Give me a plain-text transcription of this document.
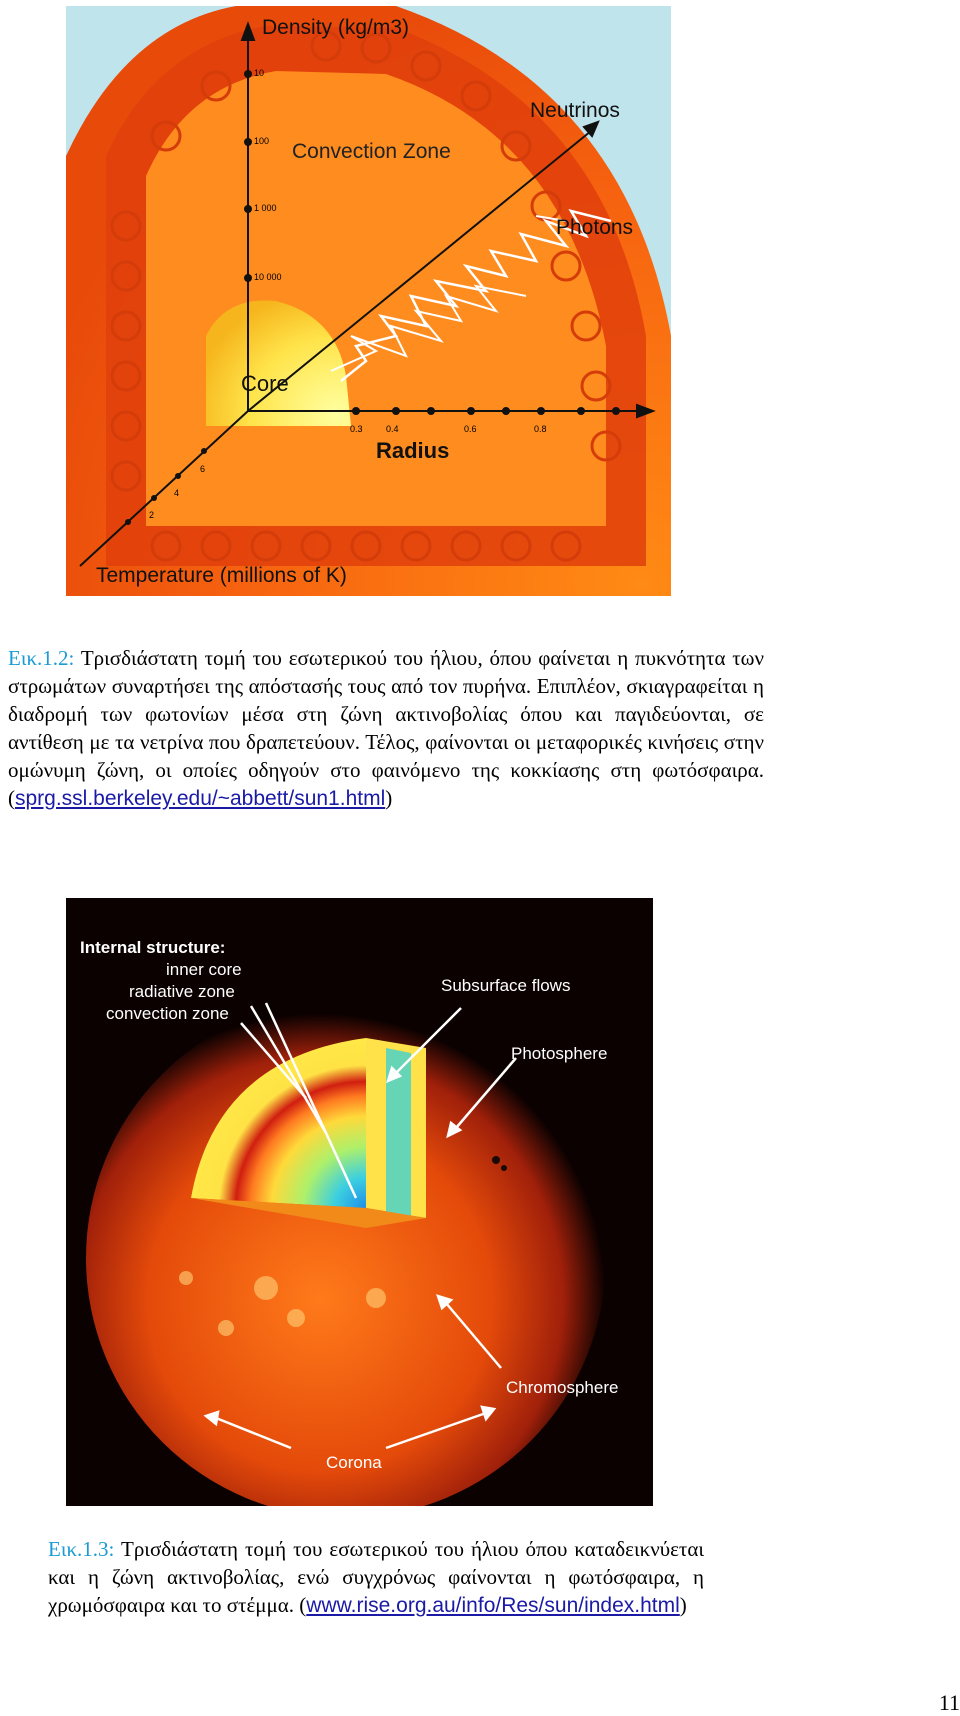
Density (kg/m3)
10
100
1 000
10 000
Convection Zone
Neutrinos
Photons
Core
0.3	0.4	0.6	0.8
Radius
2
4
6
Temperature (millions of K)
Εικ.1.2: Τρισδιάστατη τομή του εσωτερικού του ήλιου, όπου φαίνεται η πυκνότητα των στρωμάτων συναρτήσει της απόστασής τους από τον πυρήνα. Επιπλέον, σκιαγραφείται η διαδρομή των φωτονίων μέσα στη ζώνη ακτινοβολίας όπου και παγιδεύονται, σε αντίθεση με τα νετρίνα που δραπετεύουν. Τέλος, φαίνονται οι μεταφορικές κινήσεις στην ομώνυμη ζώνη, οι οποίες οδηγούν στο φαινόμενο της κοκκίασης στη φωτόσφαιρα. (sprg.ssl.berkeley.edu/~abbett/sun1.html)
Internal structure:
inner core
radiative zone
convection zone
Subsurface flows
Photosphere
Chromosphere
Corona
Εικ.1.3: Τρισδιάστατη τομή του εσωτερικού του ήλιου όπου καταδεικνύεται και η ζώνη ακτινοβολίας, ενώ συγχρόνως φαίνονται η φωτόσφαιρα, η χρωμόσφαιρα και το στέμμα. (www.rise.org.au/info/Res/sun/index.html)
11
